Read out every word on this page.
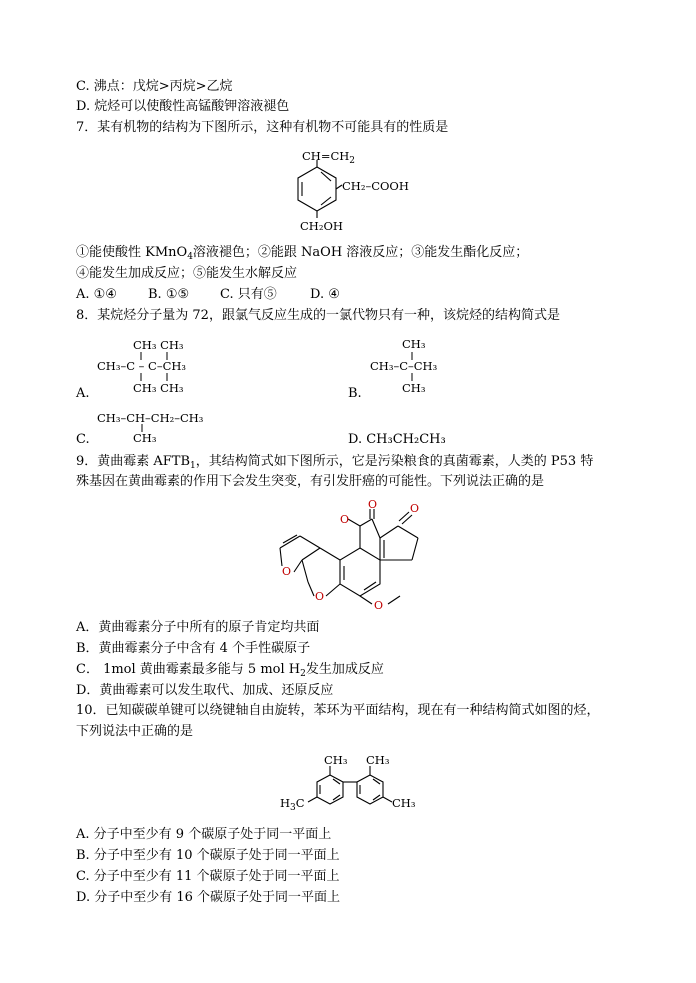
C. 沸点：戊烷>丙烷>乙烷
D. 烷烃可以使酸性高锰酸钾溶液褪色
7．某有机物的结构为下图所示，这种有机物不可能具有的性质是
$CH=CH_2$
CH₂–COOH
CH₂OH
①能使酸性 KMnO$_4$溶液褪色；②能跟 NaOH 溶液反应；③能发生酯化反应；
④能发生加成反应；⑤能发生水解反应
A. ①④ B. ①⑤ C. 只有⑤	D. ④
8．某烷烃分子量为 72，跟氯气反应生成的一氯代物只有一种，该烷烃的结构简式是
CH₃ CH₃
CH₃–C – C–CH₃
CH₃ CH₃
A.
CH₃
CH₃–C–CH₃
CH₃
B.
CH₃–CH–CH₂–CH₃
CH₃
C.	D. CH₃CH₂CH₃
9．黄曲霉素 $AFTB_1$，其结构简式如下图所示，它是污染粮食的真菌霉素，人类的 P53 特
殊基因在黄曲霉素的作用下会发生突变，有引发肝癌的可能性。下列说法正确的是
O	O
O
O
O
O
A．黄曲霉素分子中所有的原子肯定均共面
B．黄曲霉素分子中含有 4 个手性碳原子
C． 1mol 黄曲霉素最多能与 5 mol $H_2$发生加成反应
D．黄曲霉素可以发生取代、加成、还原反应
10．已知碳碳单键可以绕键轴自由旋转，苯环为平面结构，现在有一种结构简式如图的烃，
下列说法中正确的是
CH₃ CH₃
$H_3C$	CH₃
A. 分子中至少有 9 个碳原子处于同一平面上
B. 分子中至少有 10 个碳原子处于同一平面上
C. 分子中至少有 11 个碳原子处于同一平面上
D. 分子中至少有 16 个碳原子处于同一平面上
